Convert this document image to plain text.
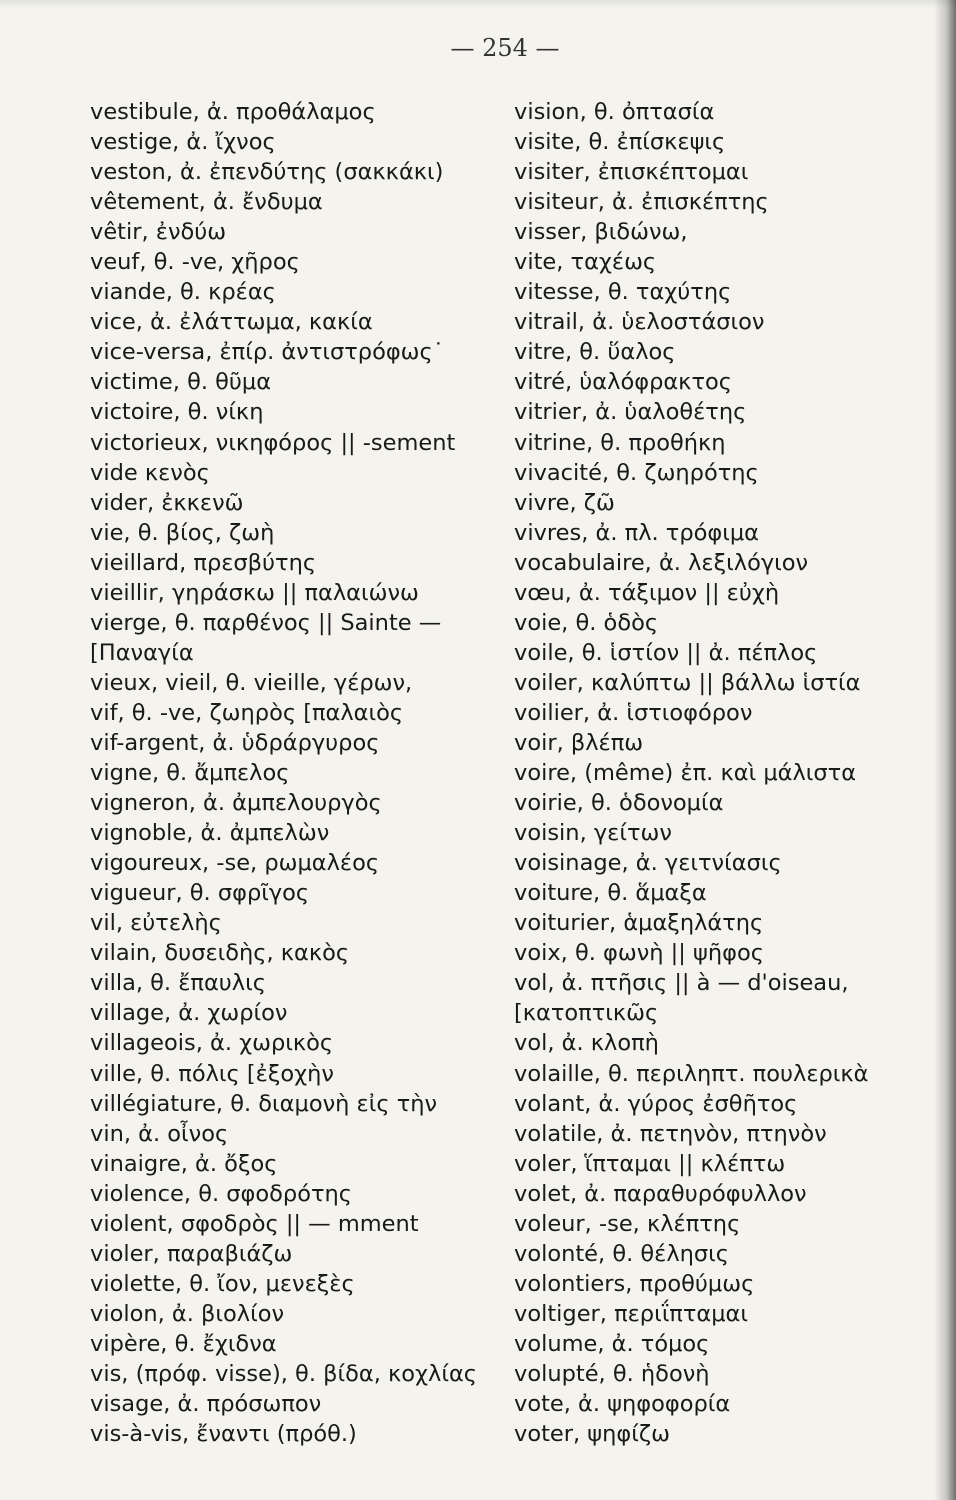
— 254 —
vestibule, ἀ. προθάλαμος
vestige, ἀ. ἴχνος
veston, ἀ. ἐπενδύτης (σακκάκι)
vêtement, ἀ. ἔνδυμα
vêtir, ἐνδύω
veuf, θ. -ve, χῆρος
viande, θ. κρέας
vice, ἀ. ἐλάττωμα, κακία
vice-versa, ἐπίρ. ἀντιστρόφως˙
victime, θ. θῦμα
victoire, θ. νίκη
victorieux, νικηφόρος || -sement
vide κενὸς
vider, ἐκκενῶ
vie, θ. βίος, ζωὴ
vieillard, πρεσβύτης
vieillir, γηράσκω || παλαιώνω
vierge, θ. παρθένος || Sainte —
[Παναγία
vieux, vieil, θ. vieille, γέρων,
vif, θ. -ve, ζωηρὸς [παλαιὸς
vif-argent, ἀ. ὑδράργυρος
vigne, θ. ἄμπελος
vigneron, ἀ. ἀμπελουργὸς
vignoble, ἀ. ἀμπελὼν
vigoureux, -se, ρωμαλέος
vigueur, θ. σφρῖγος
vil, εὐτελὴς
vilain, δυσειδὴς, κακὸς
villa, θ. ἔπαυλις
village, ἀ. χωρίον
villageois, ἀ. χωρικὸς
ville, θ. πόλις [ἐξοχὴν
villégiature, θ. διαμονὴ εἰς τὴν
vin, ἀ. οἶνος
vinaigre, ἀ. ὄξος
violence, θ. σφοδρότης
violent, σφοδρὸς || — mment
violer, παραβιάζω
violette, θ. ἴον, μενεξὲς
violon, ἀ. βιολίον
vipère, θ. ἔχιδνα
vis, (πρόφ. visse), θ. βίδα, κοχλίας
visage, ἀ. πρόσωπον
vis-à-vis, ἔναντι (πρόθ.)
vision, θ. ὀπτασία
visite, θ. ἐπίσκεψις
visiter, ἐπισκέπτομαι
visiteur, ἀ. ἐπισκέπτης
visser, βιδώνω,
vite, ταχέως
vitesse, θ. ταχύτης
vitrail, ἀ. ὑελοστάσιον
vitre, θ. ὕαλος
vitré, ὑαλόφρακτος
vitrier, ἀ. ὑαλοθέτης
vitrine, θ. προθήκη
vivacité, θ. ζωηρότης
vivre, ζῶ
vivres, ἀ. πλ. τρόφιμα
vocabulaire, ἀ. λεξιλόγιον
vœu, ἀ. τάξιμον || εὐχὴ
voie, θ. ὁδὸς
voile, θ. ἱστίον || ἀ. πέπλος
voiler, καλύπτω || βάλλω ἱστία
voilier, ἀ. ἱστιοφόρον
voir, βλέπω
voire, (même) ἐπ. καὶ μάλιστα
voirie, θ. ὁδονομία
voisin, γείτων
voisinage, ἀ. γειτνίασις
voiture, θ. ἅμαξα
voiturier, ἁμαξηλάτης
voix, θ. φωνὴ || ψῆφος
vol, ἀ. πτῆσις || à — d'oiseau,
[κατοπτικῶς
vol, ἀ. κλοπὴ
volaille, θ. περιληπτ. πουλερικὰ
volant, ἀ. γύρος ἐσθῆτος
volatile, ἀ. πετηνὸν, πτηνὸν
voler, ἵπταμαι || κλέπτω
volet, ἀ. παραθυρόφυλλον
voleur, -se, κλέπτης
volonté, θ. θέλησις
volontiers, προθύμως
voltiger, περιΐπταμαι
volume, ἀ. τόμος
volupté, θ. ἡδονὴ
vote, ἀ. ψηφοφορία
voter, ψηφίζω
